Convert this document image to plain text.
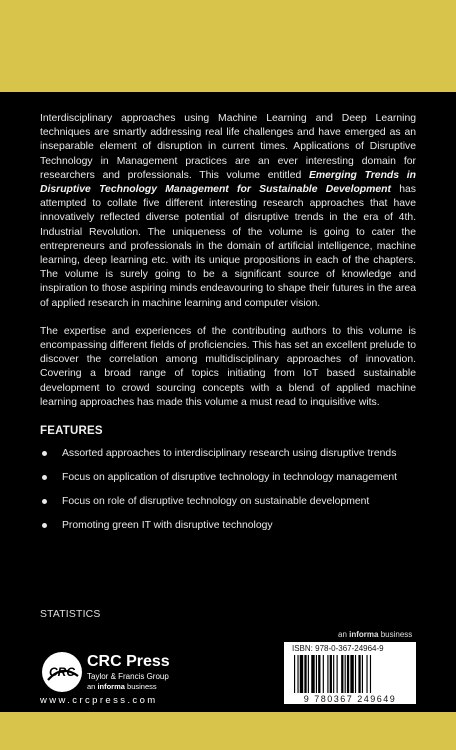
Interdisciplinary approaches using Machine Learning and Deep Learning techniques are smartly addressing real life challenges and have emerged as an inseparable element of disruption in current times. Applications of Disruptive Technology in Management practices are an ever interesting domain for researchers and professionals. This volume entitled Emerging Trends in Disruptive Technology Management for Sustainable Development has attempted to collate five different interesting research approaches that have innovatively reflected diverse potential of disruptive trends in the era of 4th. Industrial Revolution. The uniqueness of the volume is going to cater the entrepreneurs and professionals in the domain of artificial intelligence, machine learning, deep learning etc. with its unique propositions in each of the chapters. The volume is surely going to be a significant source of knowledge and inspiration to those aspiring minds endeavouring to shape their futures in the area of applied research in machine learning and computer vision.

The expertise and experiences of the contributing authors to this volume is encompassing different fields of proficiencies. This has set an excellent prelude to discover the correlation among multidisciplinary approaches of innovation. Covering a broad range of topics initiating from IoT based sustainable development to crowd sourcing concepts with a blend of applied machine learning approaches has made this volume a must read to inquisitive wits.

FEATURES
Assorted approaches to interdisciplinary research using disruptive trends
Focus on application of disruptive technology in technology management
Focus on role of disruptive technology on sustainable development
Promoting green IT with disruptive technology
STATISTICS
an informa business
CRC
CRC Press
Taylor & Francis Group
an informa business
www.crcpress.com
ISBN: 978-0-367-24964-9
9 780367 249649
